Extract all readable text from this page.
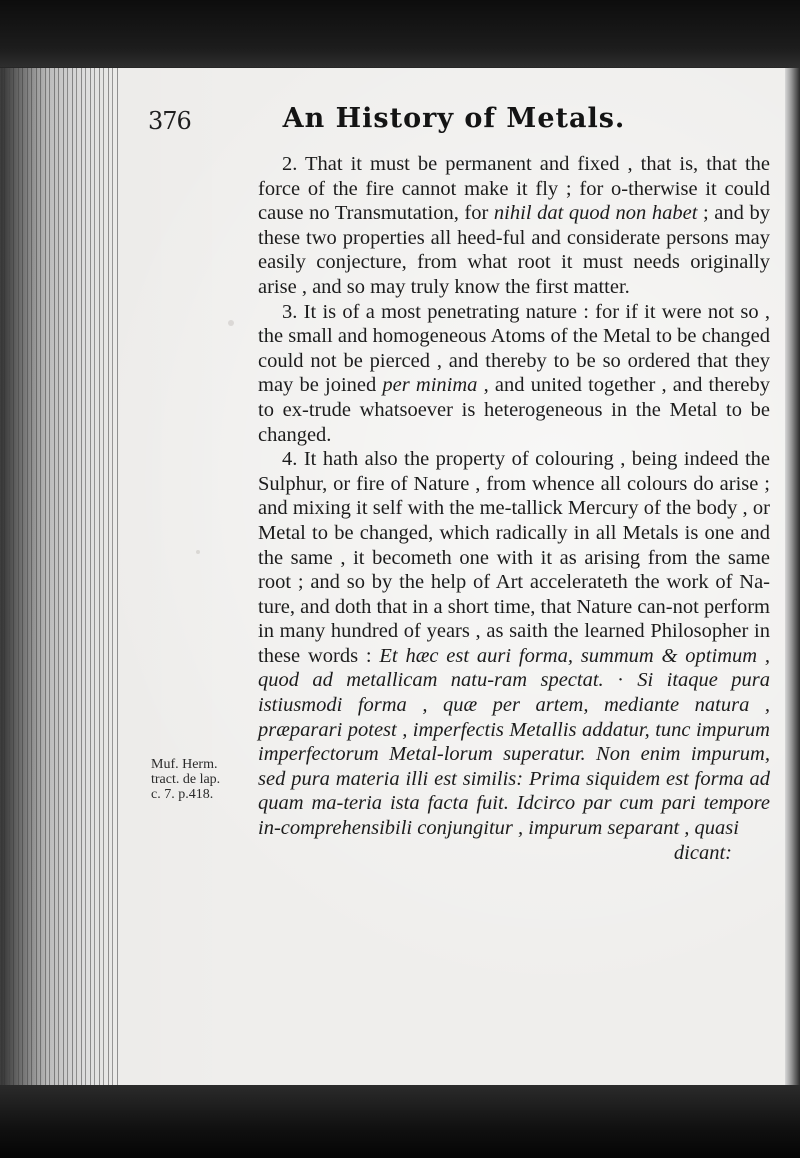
376	An History of Metals.
Muf. Herm.
tract. de lap.
c. 7. p.418.

2. That it must be permanent and fixed , that is, that the force of the fire cannot make it fly ; for o-therwise it could cause no Transmutation, for nihil dat quod non habet ; and by these two properties all heed-ful and considerate persons may easily conjecture, from what root it must needs originally arise , and so may truly know the first matter.

3. It is of a most penetrating nature : for if it were not so , the small and homogeneous Atoms of the Metal to be changed could not be pierced , and thereby to be so ordered that they may be joined per minima , and united together , and thereby to ex-trude whatsoever is heterogeneous in the Metal to be changed.

4. It hath also the property of colouring , being indeed the Sulphur, or fire of Nature , from whence all colours do arise ; and mixing it self with the me-tallick Mercury of the body , or Metal to be changed, which radically in all Metals is one and the same , it becometh one with it as arising from the same root ; and so by the help of Art accelerateth the work of Na-ture, and doth that in a short time, that Nature can-not perform in many hundred of years , as saith the learned Philosopher in these words : Et hæc est auri forma, summum & optimum , quod ad metallicam natu-ram spectat. · Si itaque pura istiusmodi forma , quæ per artem, mediante natura , præparari potest , imperfectis Metallis addatur, tunc impurum imperfectorum Metal-lorum superatur. Non enim impurum, sed pura materia illi est similis: Prima siquidem est forma ad quam ma-teria ista facta fuit. Idcirco par cum pari tempore in-comprehensibili conjungitur , impurum separant , quasi

dicant:
